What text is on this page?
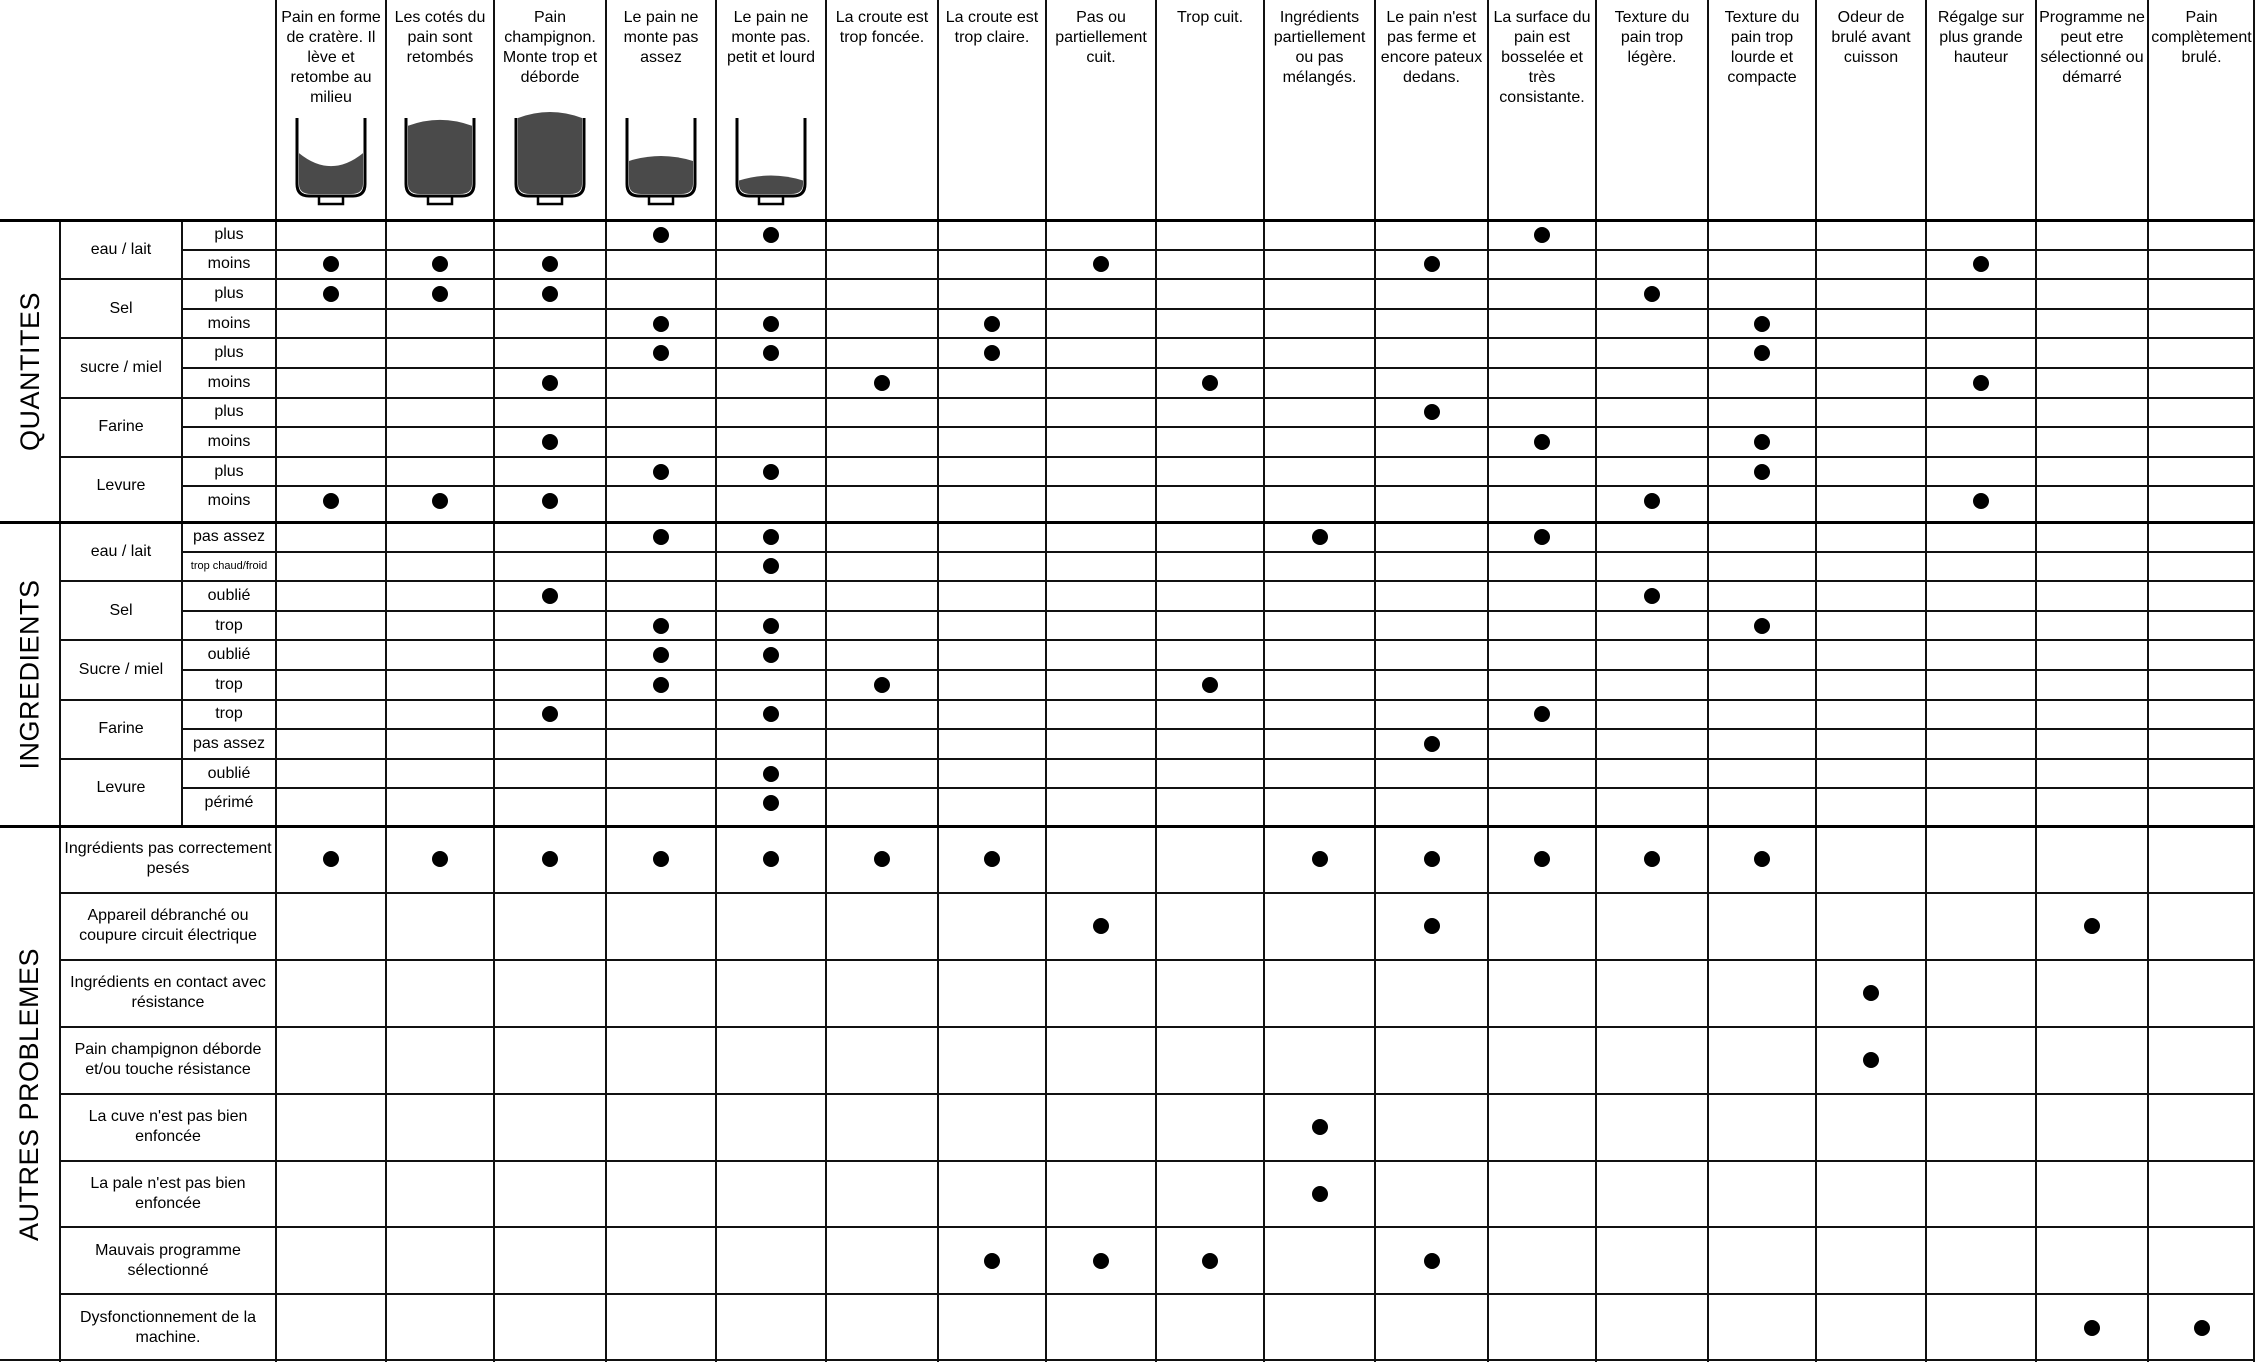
Pain en forme de cratère. Il lève et retombe au milieu
Les cotés du pain sont retombés
Pain champignon. Monte trop et déborde
Le pain ne monte pas assez
Le pain ne monte pas. petit et lourd
La croute est trop foncée.
La croute est trop claire.
Pas ou partiellement cuit.
Trop cuit.	Ingrédients partiellement ou pas mélangés.
Le pain n'est pas ferme et encore pateux dedans.
La surface du pain est bosselée et très consistante.
Texture du pain trop légère.
Texture du pain trop lourde et compacte
Odeur de brulé avant cuisson
Régalge sur plus grande hauteur
Programme ne peut etre sélectionné ou démarré
Pain complètement brulé.
QUANTITES
eau / lait
plus
moins
Sel
plus
moins
sucre / miel
plus
moins
Farine
plus
moins
Levure
plus
moins
INGREDIENTS
eau / lait
pas assez
trop chaud/froid
Sel
oublié
trop
Sucre / miel
oublié
trop
Farine
trop
pas assez
Levure
oublié
périmé
AUTRES PROBLEMES
Ingrédients pas correctement pesés
Appareil débranché ou coupure circuit électrique
Ingrédients en contact avec résistance
Pain champignon déborde et/ou touche résistance
La cuve n'est pas bien enfoncée
La pale n'est pas bien enfoncée
Mauvais programme sélectionné
Dysfonctionnement de la machine.
